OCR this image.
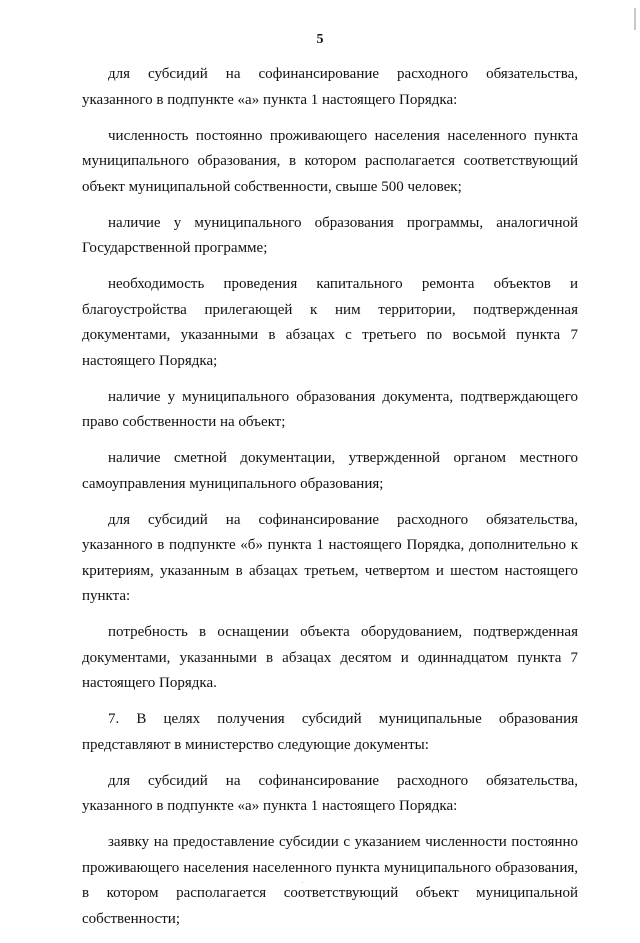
5

для субсидий на софинансирование расходного обязательства, указанного в подпункте «а» пункта 1 настоящего Порядка:

численность постоянно проживающего населения населенного пункта муниципального образования, в котором располагается соответствующий объект муниципальной собственности, свыше 500 человек;

наличие у муниципального образования программы, аналогичной Государственной программе;

необходимость проведения капитального ремонта объектов и благоустройства прилегающей к ним территории, подтвержденная документами, указанными в абзацах с третьего по восьмой пункта 7 настоящего Порядка;

наличие у муниципального образования документа, подтверждающего право собственности на объект;

наличие сметной документации, утвержденной органом местного самоуправления муниципального образования;

для субсидий на софинансирование расходного обязательства, указанного в подпункте «б» пункта 1 настоящего Порядка, дополнительно к критериям, указанным в абзацах третьем, четвертом и шестом настоящего пункта:

потребность в оснащении объекта оборудованием, подтвержденная документами, указанными в абзацах десятом и одиннадцатом пункта 7 настоящего Порядка.

7. В целях получения субсидий муниципальные образования представляют в министерство следующие документы:

для субсидий на софинансирование расходного обязательства, указанного в подпункте «а» пункта 1 настоящего Порядка:

заявку на предоставление субсидии с указанием численности постоянно проживающего населения населенного пункта муниципального образования, в котором располагается соответствующий объект муниципальной собственности;
